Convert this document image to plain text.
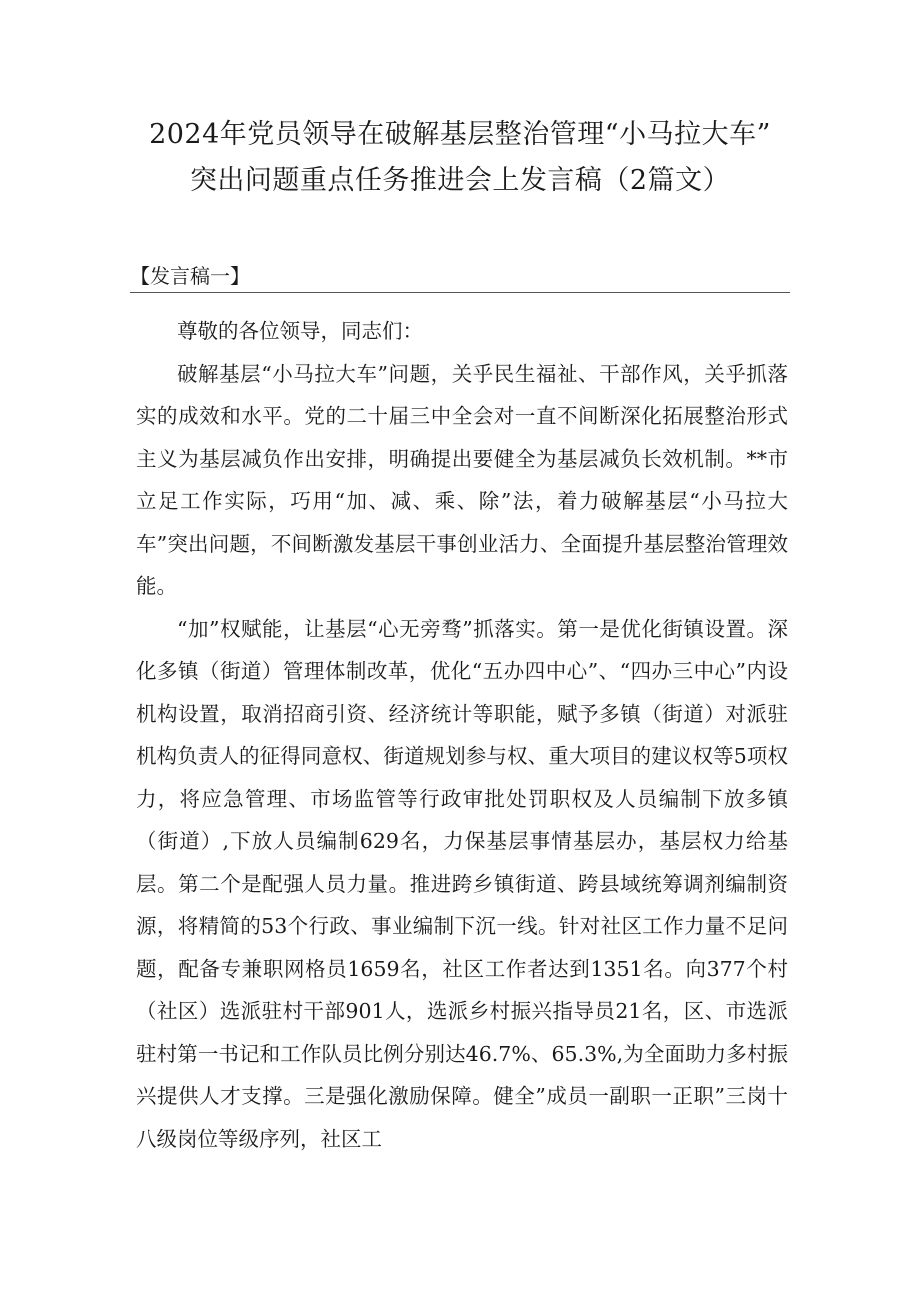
2024年党员领导在破解基层整治管理“小马拉大车”
突出问题重点任务推进会上发言稿（2篇文）
【发言稿一】

尊敬的各位领导，同志们：

破解基层“小马拉大车”问题，关乎民生福祉、干部作风，关乎抓落实的成效和水平。党的二十届三中全会对一直不间断深化拓展整治形式主义为基层减负作出安排，明确提出要健全为基层减负长效机制。**市立足工作实际，巧用“加、减、乘、除”法，着力破解基层“小马拉大车”突出问题，不间断激发基层干事创业活力、全面提升基层整治管理效能。

“加”权赋能，让基层“心无旁骛”抓落实。第一是优化街镇设置。深化多镇（街道）管理体制改革，优化“五办四中心”、“四办三中心”内设机构设置，取消招商引资、经济统计等职能，赋予多镇（街道）对派驻机构负责人的征得同意权、街道规划参与权、重大项目的建议权等5项权力，将应急管理、市场监管等行政审批处罚职权及人员编制下放多镇（街道）,下放人员编制629名，力保基层事情基层办，基层权力给基层。第二个是配强人员力量。推进跨乡镇街道、跨县域统筹调剂编制资源，将精简的53个行政、事业编制下沉一线。针对社区工作力量不足问题，配备专兼职网格员1659名，社区工作者达到1351名。向377个村（社区）选派驻村干部901人，选派乡村振兴指导员21名，区、市选派驻村第一书记和工作队员比例分别达46.7%、65.3%,为全面助力多村振兴提供人才支撑。三是强化激励保障。健全”成员一副职一正职”三岗十八级岗位等级序列，社区工
